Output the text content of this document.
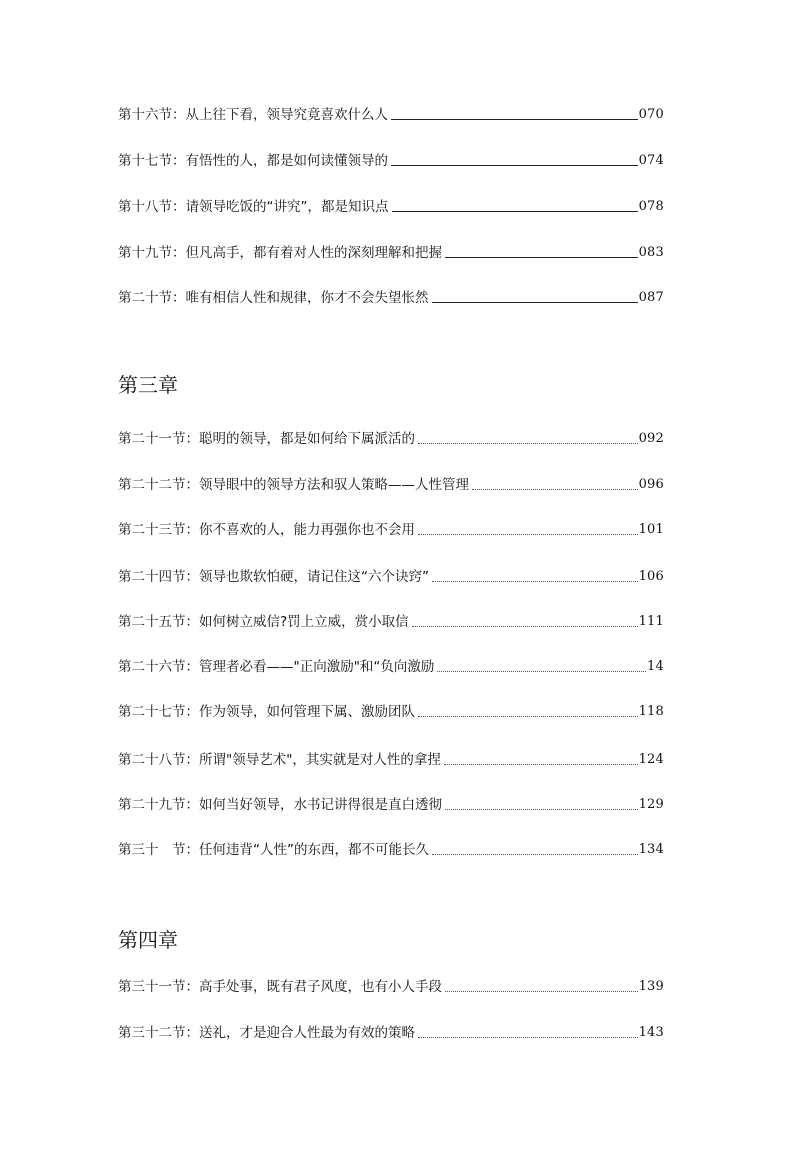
第十六节：从上往下看，领导究竟喜欢什么人	070
第十七节：有悟性的人，都是如何读懂领导的	074
第十八节：请领导吃饭的“讲究”，都是知识点	078
第十九节：但凡高手，都有着对人性的深刻理解和把握	083
第二十节：唯有相信人性和规律，你才不会失望怅然	087
第三章
第二十一节：聪明的领导，都是如何给下属派活的	092
第二十二节：领导眼中的领导方法和驭人策略——人性管理	096
第二十三节：你不喜欢的人，能力再强你也不会用	101
第二十四节：领导也欺软怕硬，请记住这“六个诀窍”	106
第二十五节：如何树立威信?罚上立威，赏小取信	111
第二十六节：管理者必看——"正向激励"和“负向激励	14
第二十七节：作为领导，如何管理下属、激励团队	118
第二十八节：所谓"领导艺术"，其实就是对人性的拿捏	124
第二十九节：如何当好领导，水书记讲得很是直白透彻	129
第三十　节：任何违背“人性”的东西，都不可能长久	134
第四章
第三十一节：高手处事，既有君子风度，也有小人手段	139
第三十二节：送礼，才是迎合人性最为有效的策略	143
